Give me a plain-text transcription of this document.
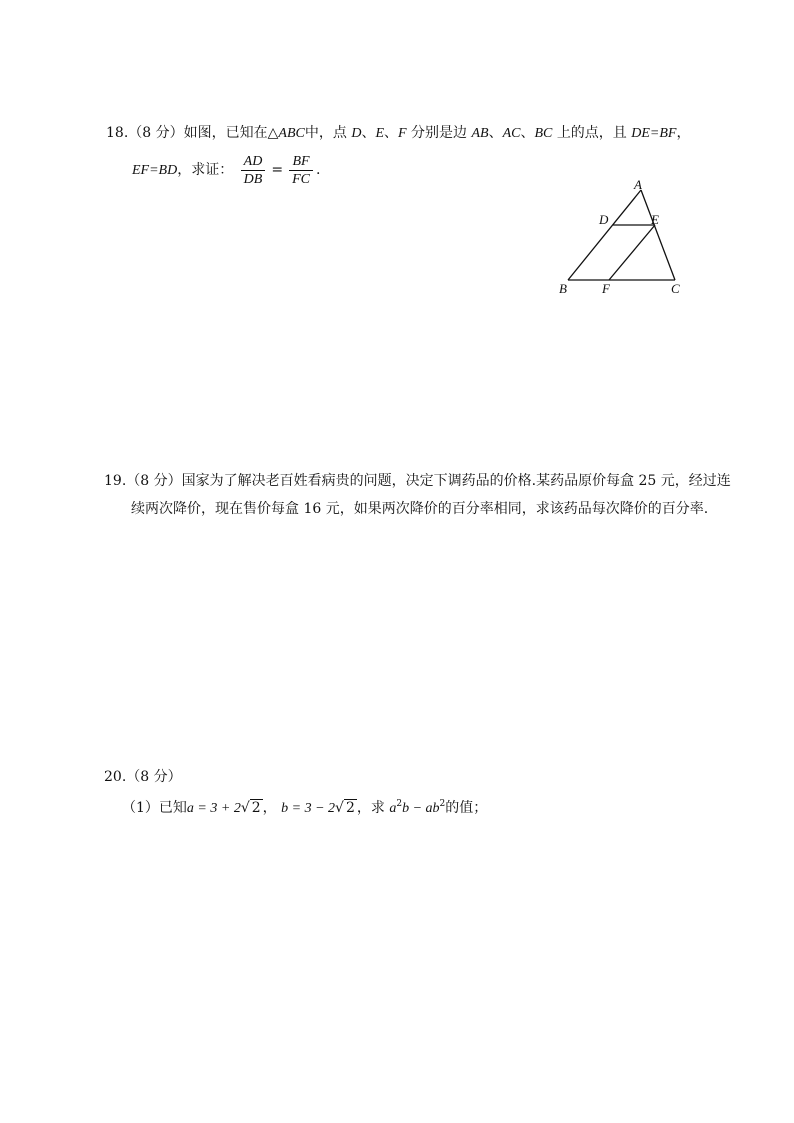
18.（8 分）如图，已知在△ABC中，点 D、E、F 分别是边 AB、AC、BC 上的点，且 DE=BF，
EF=BD，求证： $\frac{AD}{DB} = \frac{BF}{FC}$ .
A
D	E
B	F	C
19.（8 分）国家为了解决老百姓看病贵的问题，决定下调药品的价格.某药品原价每盒 25 元，经过连
续两次降价，现在售价每盒 16 元，如果两次降价的百分率相同，求该药品每次降价的百分率.
20.（8 分）
（1）已知a = 3 + 2√ 2 ， b = 3 − 2√ 2 ，求 $a^2b - ab^2$的值；
